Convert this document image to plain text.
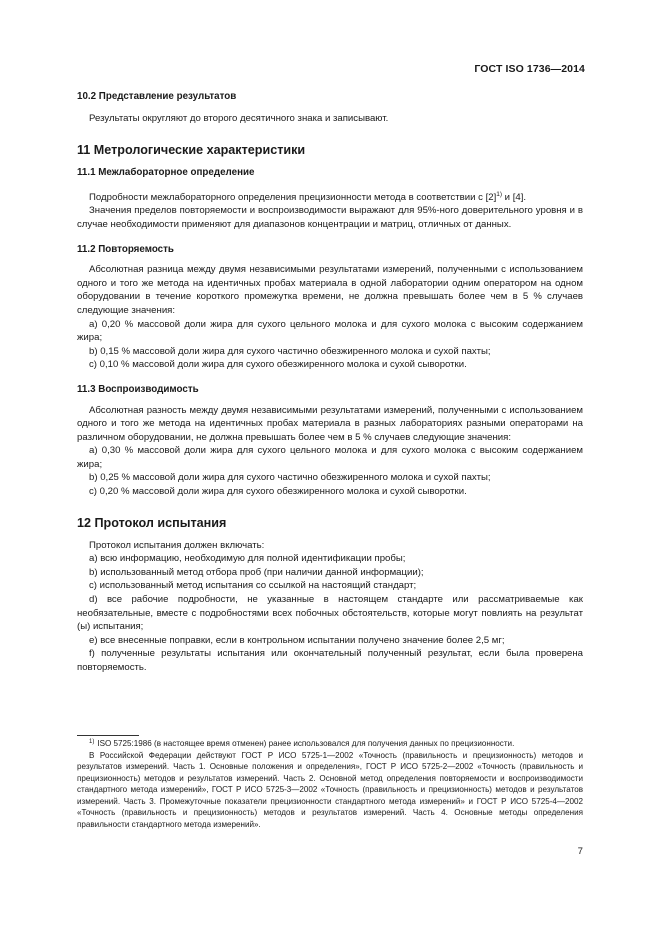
ГОСТ ISO 1736—2014
10.2 Представление результатов

Результаты округляют до второго десятичного знака и записывают.

11 Метрологические характеристики
11.1 Межлабораторное определение

Подробности межлабораторного определения прецизионности метода в соответствии с $[2]^{1)}$ и [4].

Значения пределов повторяемости и воспроизводимости выражают для 95%-ного доверительного уровня и в случае необходимости применяют для диапазонов концентрации и матриц, отличных от данных.

11.2 Повторяемость

Абсолютная разница между двумя независимыми результатами измерений, полученными с использованием одного и того же метода на идентичных пробах материала в одной лаборатории одним оператором на одном оборудовании в течение короткого промежутка времени, не должна превышать более чем в 5 % случаев следующие значения:

a) 0,20 % массовой доли жира для сухого цельного молока и для сухого молока с высоким содержанием жира;

b) 0,15 % массовой доли жира для сухого частично обезжиренного молока и сухой пахты;

c) 0,10 % массовой доли жира для сухого обезжиренного молока и сухой сыворотки.

11.3 Воспроизводимость

Абсолютная разность между двумя независимыми результатами измерений, полученными с использованием одного и того же метода на идентичных пробах материала в разных лабораториях разными операторами на различном оборудовании, не должна превышать более чем в 5 % случаев следующие значения:

a) 0,30 % массовой доли жира для сухого цельного молока и для сухого молока с высоким содержанием жира;

b) 0,25 % массовой доли жира для сухого частично обезжиренного молока и сухой пахты;

c) 0,20 % массовой доли жира для сухого обезжиренного молока и сухой сыворотки.

12 Протокол испытания

Протокол испытания должен включать:

a) всю информацию, необходимую для полной идентификации пробы;

b) использованный метод отбора проб (при наличии данной информации);

c) использованный метод испытания со ссылкой на настоящий стандарт;

d) все рабочие подробности, не указанные в настоящем стандарте или рассматриваемые как необязательные, вместе с подробностями всех побочных обстоятельств, которые могут повлиять на результат (ы) испытания;

e) все внесенные поправки, если в контрольном испытании получено значение более 2,5 мг;

f) полученные результаты испытания или окончательный полученный результат, если была проверена повторяемость.

$^{1)}$ ISO 5725:1986 (в настоящее время отменен) ранее использовался для получения данных по прецизионности.

В Российской Федерации действуют ГОСТ Р ИСО 5725-1—2002 «Точность (правильность и прецизионность) методов и результатов измерений. Часть 1. Основные положения и определения», ГОСТ Р ИСО 5725-2—2002 «Точность (правильность и прецизионность) методов и результатов измерений. Часть 2. Основной метод определения повторяемости и воспроизводимости стандартного метода измерений», ГОСТ Р ИСО 5725-3—2002 «Точность (правильность и прецизионность) методов и результатов измерений. Часть 3. Промежуточные показатели прецизионности стандартного метода измерений» и ГОСТ Р ИСО 5725-4—2002 «Точность (правильность и прецизионность) методов и результатов измерений. Часть 4. Основные методы определения правильности стандартного метода измерений».

7
